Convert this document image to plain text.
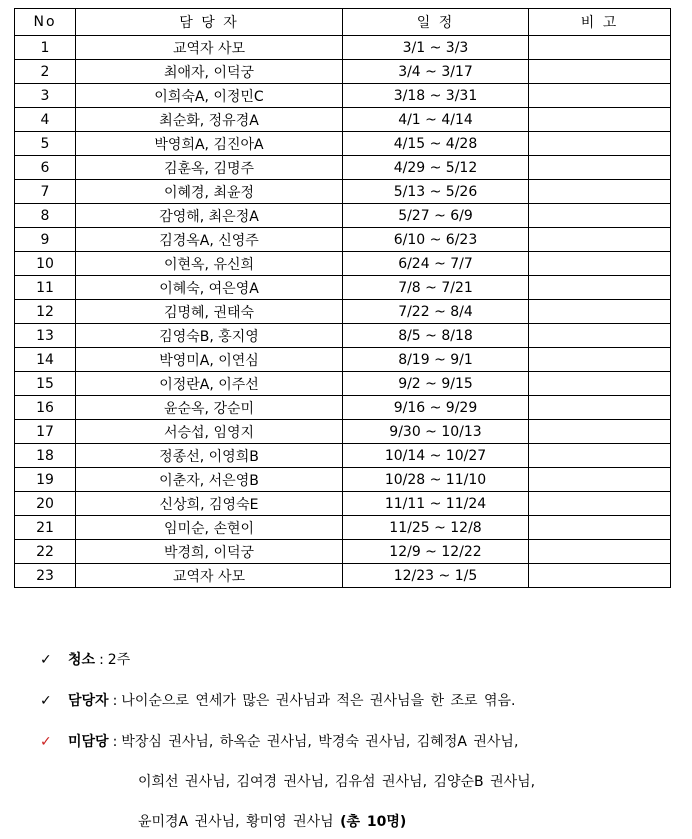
No	담 당 자	일 정	비 고
1	교역자 사모	3/1 ~ 3/3	
2	최애자, 이덕궁	3/4 ~ 3/17	
3	이희숙A, 이정민C	3/18 ~ 3/31	
4	최순화, 정유경A	4/1 ~ 4/14	
5	박영희A, 김진아A	4/15 ~ 4/28	
6	김훈옥, 김명주	4/29 ~ 5/12	
7	이혜경, 최윤정	5/13 ~ 5/26	
8	감영해, 최은정A	5/27 ~ 6/9	
9	김경옥A, 신영주	6/10 ~ 6/23	
10	이현옥, 유신희	6/24 ~ 7/7	
11	이혜숙, 여은영A	7/8 ~ 7/21	
12	김명혜, 권태숙	7/22 ~ 8/4	
13	김영숙B, 홍지영	8/5 ~ 8/18	
14	박영미A, 이연심	8/19 ~ 9/1	
15	이정란A, 이주선	9/2 ~ 9/15	
16	윤순옥, 강순미	9/16 ~ 9/29	
17	서승섭, 임영지	9/30 ~ 10/13	
18	정종선, 이영희B	10/14 ~ 10/27	
19	이춘자, 서은영B	10/28 ~ 11/10	
20	신상희, 김영숙E	11/11 ~ 11/24	
21	임미순, 손현이	11/25 ~ 12/8	
22	박경희, 이덕궁	12/9 ~ 12/22	
23	교역자 사모	12/23 ~ 1/5	
✓ 청소 : 2주
✓ 담당자 : 나이순으로 연세가 많은 권사님과 적은 권사님을 한 조로 엮음.
✓ 미담당 : 박장심 권사님, 하옥순 권사님, 박경숙 권사님, 김혜정A 권사님,
이희선 권사님, 김여경 권사님, 김유섬 권사님, 김양순B 권사님,
윤미경A 권사님, 황미영 권사님 (총 10명)
